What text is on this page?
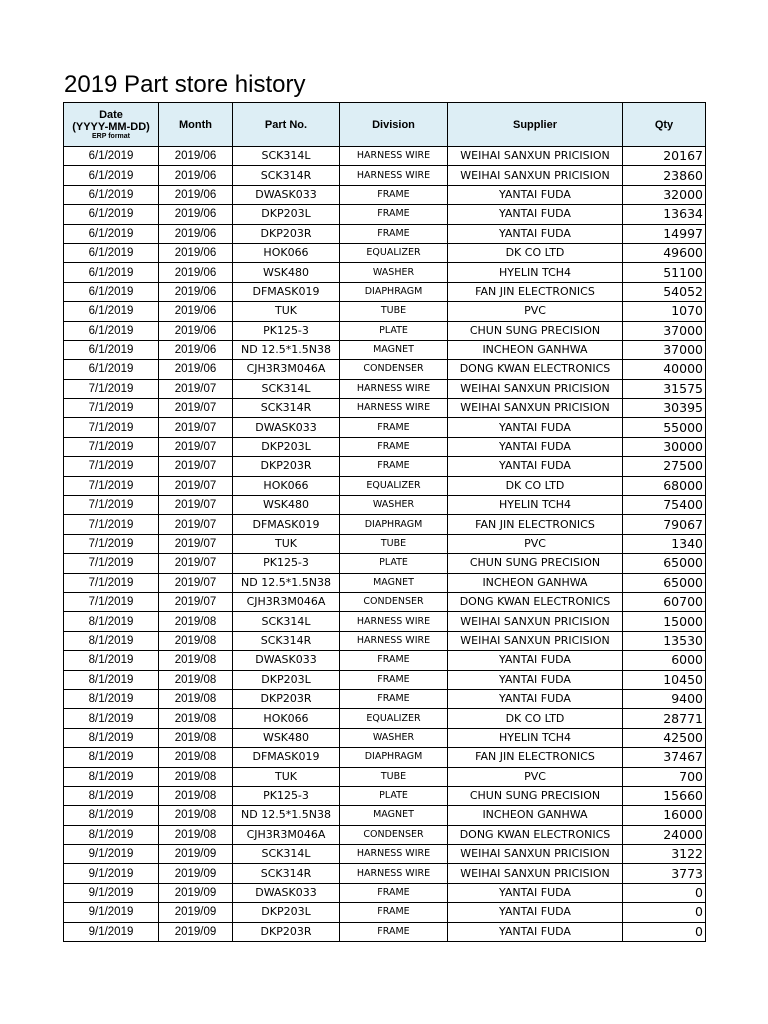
2019 Part store history
Date
(YYYY-MM-DD)
ERP format	Month	Part No.	Division	Supplier	Qty
6/1/2019	2019/06	SCK314L	HARNESS WIRE	WEIHAI SANXUN PRICISION	20167
6/1/2019	2019/06	SCK314R	HARNESS WIRE	WEIHAI SANXUN PRICISION	23860
6/1/2019	2019/06	DWASK033	FRAME	YANTAI FUDA	32000
6/1/2019	2019/06	DKP203L	FRAME	YANTAI FUDA	13634
6/1/2019	2019/06	DKP203R	FRAME	YANTAI FUDA	14997
6/1/2019	2019/06	HOK066	EQUALIZER	DK CO LTD	49600
6/1/2019	2019/06	WSK480	WASHER	HYELIN TCH4	51100
6/1/2019	2019/06	DFMASK019	DIAPHRAGM	FAN JIN ELECTRONICS	54052
6/1/2019	2019/06	TUK	TUBE	PVC	1070
6/1/2019	2019/06	PK125-3	PLATE	CHUN SUNG PRECISION	37000
6/1/2019	2019/06	ND 12.5*1.5N38	MAGNET	INCHEON GANHWA	37000
6/1/2019	2019/06	CJH3R3M046A	CONDENSER	DONG KWAN ELECTRONICS	40000
7/1/2019	2019/07	SCK314L	HARNESS WIRE	WEIHAI SANXUN PRICISION	31575
7/1/2019	2019/07	SCK314R	HARNESS WIRE	WEIHAI SANXUN PRICISION	30395
7/1/2019	2019/07	DWASK033	FRAME	YANTAI FUDA	55000
7/1/2019	2019/07	DKP203L	FRAME	YANTAI FUDA	30000
7/1/2019	2019/07	DKP203R	FRAME	YANTAI FUDA	27500
7/1/2019	2019/07	HOK066	EQUALIZER	DK CO LTD	68000
7/1/2019	2019/07	WSK480	WASHER	HYELIN TCH4	75400
7/1/2019	2019/07	DFMASK019	DIAPHRAGM	FAN JIN ELECTRONICS	79067
7/1/2019	2019/07	TUK	TUBE	PVC	1340
7/1/2019	2019/07	PK125-3	PLATE	CHUN SUNG PRECISION	65000
7/1/2019	2019/07	ND 12.5*1.5N38	MAGNET	INCHEON GANHWA	65000
7/1/2019	2019/07	CJH3R3M046A	CONDENSER	DONG KWAN ELECTRONICS	60700
8/1/2019	2019/08	SCK314L	HARNESS WIRE	WEIHAI SANXUN PRICISION	15000
8/1/2019	2019/08	SCK314R	HARNESS WIRE	WEIHAI SANXUN PRICISION	13530
8/1/2019	2019/08	DWASK033	FRAME	YANTAI FUDA	6000
8/1/2019	2019/08	DKP203L	FRAME	YANTAI FUDA	10450
8/1/2019	2019/08	DKP203R	FRAME	YANTAI FUDA	9400
8/1/2019	2019/08	HOK066	EQUALIZER	DK CO LTD	28771
8/1/2019	2019/08	WSK480	WASHER	HYELIN TCH4	42500
8/1/2019	2019/08	DFMASK019	DIAPHRAGM	FAN JIN ELECTRONICS	37467
8/1/2019	2019/08	TUK	TUBE	PVC	700
8/1/2019	2019/08	PK125-3	PLATE	CHUN SUNG PRECISION	15660
8/1/2019	2019/08	ND 12.5*1.5N38	MAGNET	INCHEON GANHWA	16000
8/1/2019	2019/08	CJH3R3M046A	CONDENSER	DONG KWAN ELECTRONICS	24000
9/1/2019	2019/09	SCK314L	HARNESS WIRE	WEIHAI SANXUN PRICISION	3122
9/1/2019	2019/09	SCK314R	HARNESS WIRE	WEIHAI SANXUN PRICISION	3773
9/1/2019	2019/09	DWASK033	FRAME	YANTAI FUDA	0
9/1/2019	2019/09	DKP203L	FRAME	YANTAI FUDA	0
9/1/2019	2019/09	DKP203R	FRAME	YANTAI FUDA	0
